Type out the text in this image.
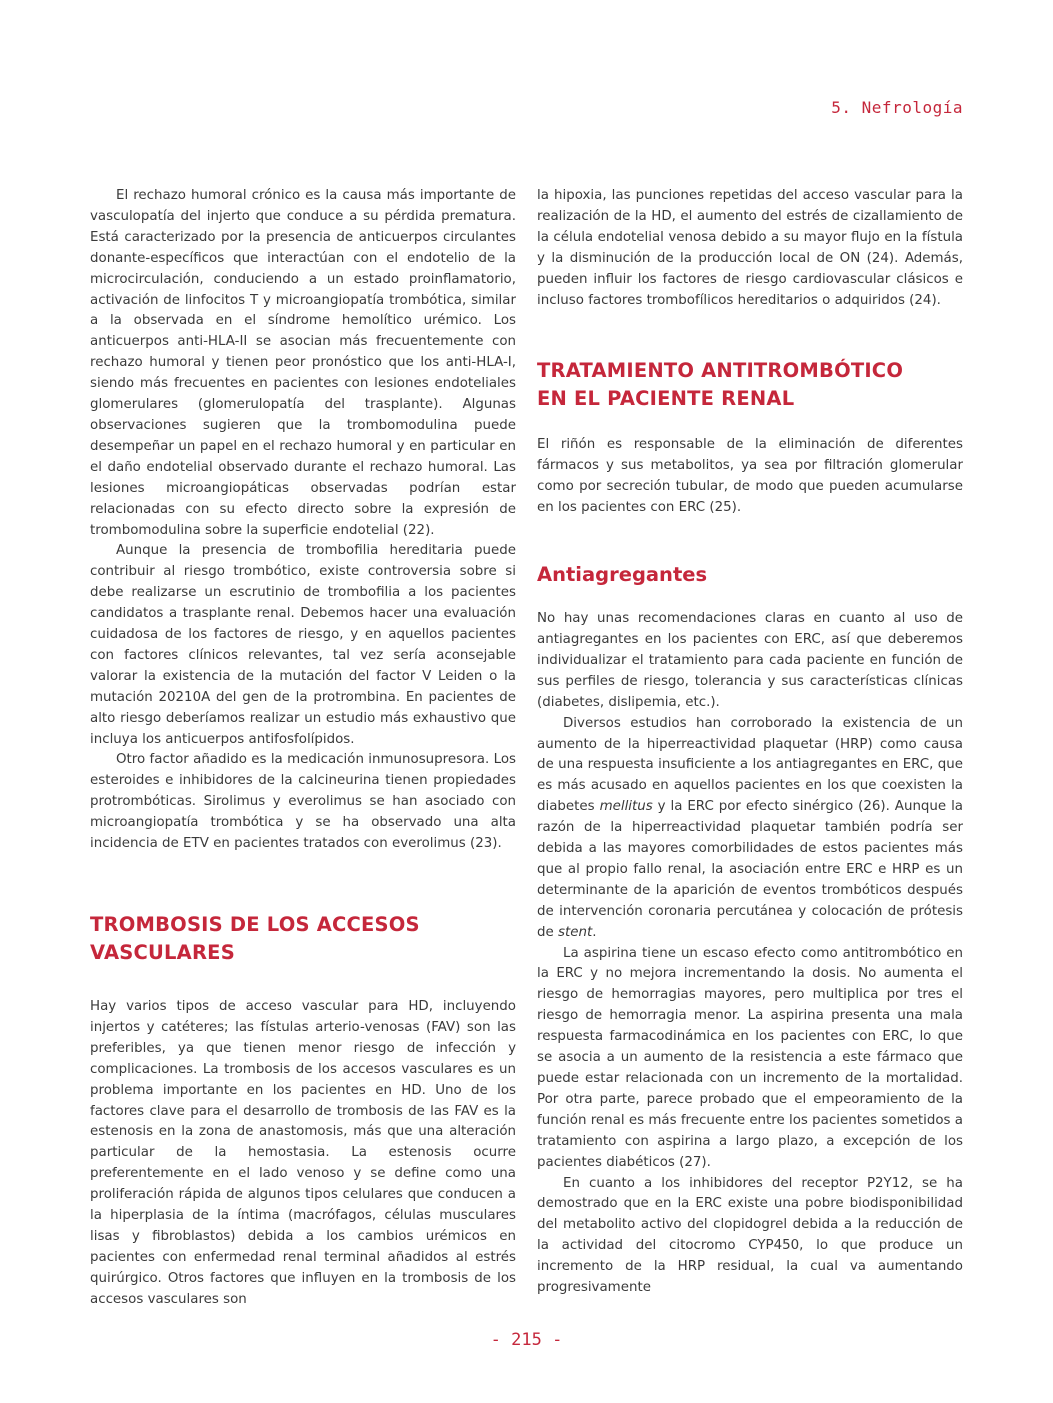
5. Nefrología

El rechazo humoral crónico es la causa más importante de vasculopatía del injerto que conduce a su pérdida prematura. Está caracterizado por la presencia de anticuerpos circulantes donante-específicos que interactúan con el endotelio de la microcirculación, conduciendo a un estado proinflamatorio, activación de linfocitos T y microangiopatía trombótica, similar a la observada en el síndrome hemolítico urémico. Los anticuerpos anti-HLA-II se asocian más frecuentemente con rechazo humoral y tienen peor pronóstico que los anti-HLA-I, siendo más frecuentes en pacientes con lesiones endoteliales glomerulares (glomerulopatía del trasplante). Algunas observaciones sugieren que la trombomodulina puede desempeñar un papel en el rechazo humoral y en particular en el daño endotelial observado durante el rechazo humoral. Las lesiones microangiopáticas observadas podrían estar relacionadas con su efecto directo sobre la expresión de trombomodulina sobre la superficie endotelial (22).

Aunque la presencia de trombofilia hereditaria puede contribuir al riesgo trombótico, existe controversia sobre si debe realizarse un escrutinio de trombofilia a los pacientes candidatos a trasplante renal. Debemos hacer una evaluación cuidadosa de los factores de riesgo, y en aquellos pacientes con factores clínicos relevantes, tal vez sería aconsejable valorar la existencia de la mutación del factor V Leiden o la mutación 20210A del gen de la protrombina. En pacientes de alto riesgo deberíamos realizar un estudio más exhaustivo que incluya los anticuerpos antifosfolípidos.

Otro factor añadido es la medicación inmunosupresora. Los esteroides e inhibidores de la calcineurina tienen propiedades protrombóticas. Sirolimus y everolimus se han asociado con microangiopatía trombótica y se ha observado una alta incidencia de ETV en pacientes tratados con everolimus (23).

TROMBOSIS DE LOS ACCESOS
VASCULARES

Hay varios tipos de acceso vascular para HD, incluyendo injertos y catéteres; las fístulas arterio-venosas (FAV) son las preferibles, ya que tienen menor riesgo de infección y complicaciones. La trombosis de los accesos vasculares es un problema importante en los pacientes en HD. Uno de los factores clave para el desarrollo de trombosis de las FAV es la estenosis en la zona de anastomosis, más que una alteración particular de la hemostasia. La estenosis ocurre preferentemente en el lado venoso y se define como una proliferación rápida de algunos tipos celulares que conducen a la hiperplasia de la íntima (macrófagos, células musculares lisas y fibroblastos) debida a los cambios urémicos en pacientes con enfermedad renal terminal añadidos al estrés quirúrgico. Otros factores que influyen en la trombosis de los accesos vasculares son

la hipoxia, las punciones repetidas del acceso vascular para la realización de la HD, el aumento del estrés de cizallamiento de la célula endotelial venosa debido a su mayor flujo en la fístula y la disminución de la producción local de ON (24). Además, pueden influir los factores de riesgo cardiovascular clásicos e incluso factores trombofílicos hereditarios o adquiridos (24).

TRATAMIENTO ANTITROMBÓTICO
EN EL PACIENTE RENAL

El riñón es responsable de la eliminación de diferentes fármacos y sus metabolitos, ya sea por filtración glomerular como por secreción tubular, de modo que pueden acumularse en los pacientes con ERC (25).

Antiagregantes

No hay unas recomendaciones claras en cuanto al uso de antiagregantes en los pacientes con ERC, así que deberemos individualizar el tratamiento para cada paciente en función de sus perfiles de riesgo, tolerancia y sus características clínicas (diabetes, dislipemia, etc.).

Diversos estudios han corroborado la existencia de un aumento de la hiperreactividad plaquetar (HRP) como causa de una respuesta insuficiente a los antiagregantes en ERC, que es más acusado en aquellos pacientes en los que coexisten la diabetes mellitus y la ERC por efecto sinérgico (26). Aunque la razón de la hiperreactividad plaquetar también podría ser debida a las mayores comorbilidades de estos pacientes más que al propio fallo renal, la asociación entre ERC e HRP es un determinante de la aparición de eventos trombóticos después de intervención coronaria percutánea y colocación de prótesis de stent.

La aspirina tiene un escaso efecto como antitrombótico en la ERC y no mejora incrementando la dosis. No aumenta el riesgo de hemorragias mayores, pero multiplica por tres el riesgo de hemorragia menor. La aspirina presenta una mala respuesta farmacodinámica en los pacientes con ERC, lo que se asocia a un aumento de la resistencia a este fármaco que puede estar relacionada con un incremento de la mortalidad. Por otra parte, parece probado que el empeoramiento de la función renal es más frecuente entre los pacientes sometidos a tratamiento con aspirina a largo plazo, a excepción de los pacientes diabéticos (27).

En cuanto a los inhibidores del receptor P2Y12, se ha demostrado que en la ERC existe una pobre biodisponibilidad del metabolito activo del clopidogrel debida a la reducción de la actividad del citocromo CYP450, lo que produce un incremento de la HRP residual, la cual va aumentando progresivamente

- 215 -
